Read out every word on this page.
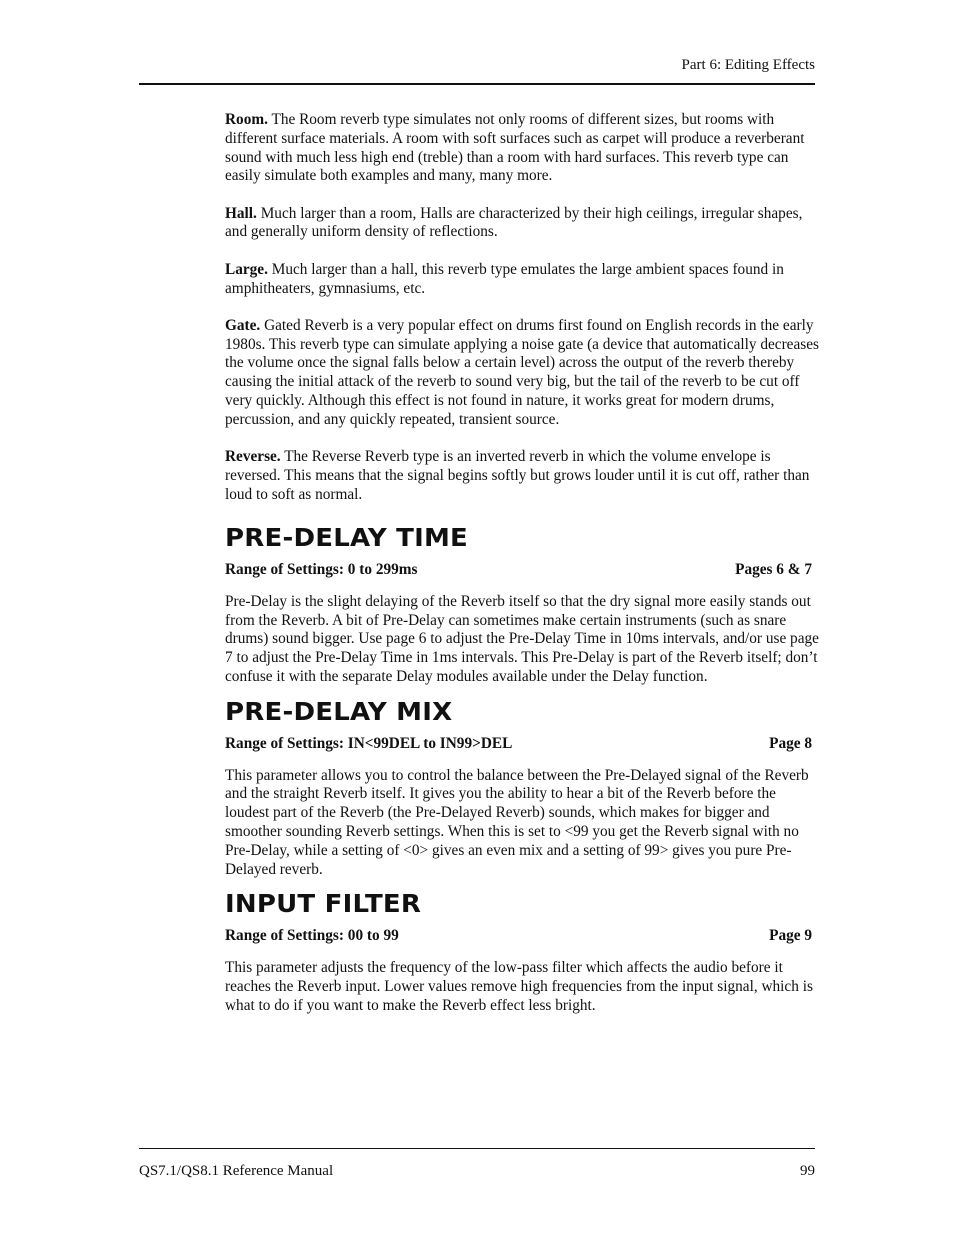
Part 6: Editing Effects

Room. The Room reverb type simulates not only rooms of different sizes, but rooms with different surface materials. A room with soft surfaces such as carpet will produce a reverberant sound with much less high end (treble) than a room with hard surfaces. This reverb type can easily simulate both examples and many, many more.

Hall. Much larger than a room, Halls are characterized by their high ceilings, irregular shapes, and generally uniform density of reflections.

Large. Much larger than a hall, this reverb type emulates the large ambient spaces found in amphitheaters, gymnasiums, etc.

Gate. Gated Reverb is a very popular effect on drums first found on English records in the early 1980s. This reverb type can simulate applying a noise gate (a device that automatically decreases the volume once the signal falls below a certain level) across the output of the reverb thereby causing the initial attack of the reverb to sound very big, but the tail of the reverb to be cut off very quickly. Although this effect is not found in nature, it works great for modern drums, percussion, and any quickly repeated, transient source.

Reverse. The Reverse Reverb type is an inverted reverb in which the volume envelope is reversed. This means that the signal begins softly but grows louder until it is cut off, rather than loud to soft as normal.

PRE-DELAY TIME
Range of Settings: 0 to 299ms	Pages 6 & 7

Pre-Delay is the slight delaying of the Reverb itself so that the dry signal more easily stands out from the Reverb. A bit of Pre-Delay can sometimes make certain instruments (such as snare drums) sound bigger. Use page 6 to adjust the Pre-Delay Time in 10ms intervals, and/or use page 7 to adjust the Pre-Delay Time in 1ms intervals. This Pre-Delay is part of the Reverb itself; don’t confuse it with the separate Delay modules available under the Delay function.

PRE-DELAY MIX
Range of Settings: IN<99DEL to IN99>DEL	Page 8

This parameter allows you to control the balance between the Pre-Delayed signal of the Reverb and the straight Reverb itself. It gives you the ability to hear a bit of the Reverb before the loudest part of the Reverb (the Pre-Delayed Reverb) sounds, which makes for bigger and smoother sounding Reverb settings. When this is set to <99 you get the Reverb signal with no Pre-Delay, while a setting of <0> gives an even mix and a setting of 99> gives you pure Pre-Delayed reverb.

INPUT FILTER
Range of Settings: 00 to 99	Page 9

This parameter adjusts the frequency of the low-pass filter which affects the audio before it reaches the Reverb input. Lower values remove high frequencies from the input signal, which is what to do if you want to make the Reverb effect less bright.

QS7.1/QS8.1 Reference Manual	99
